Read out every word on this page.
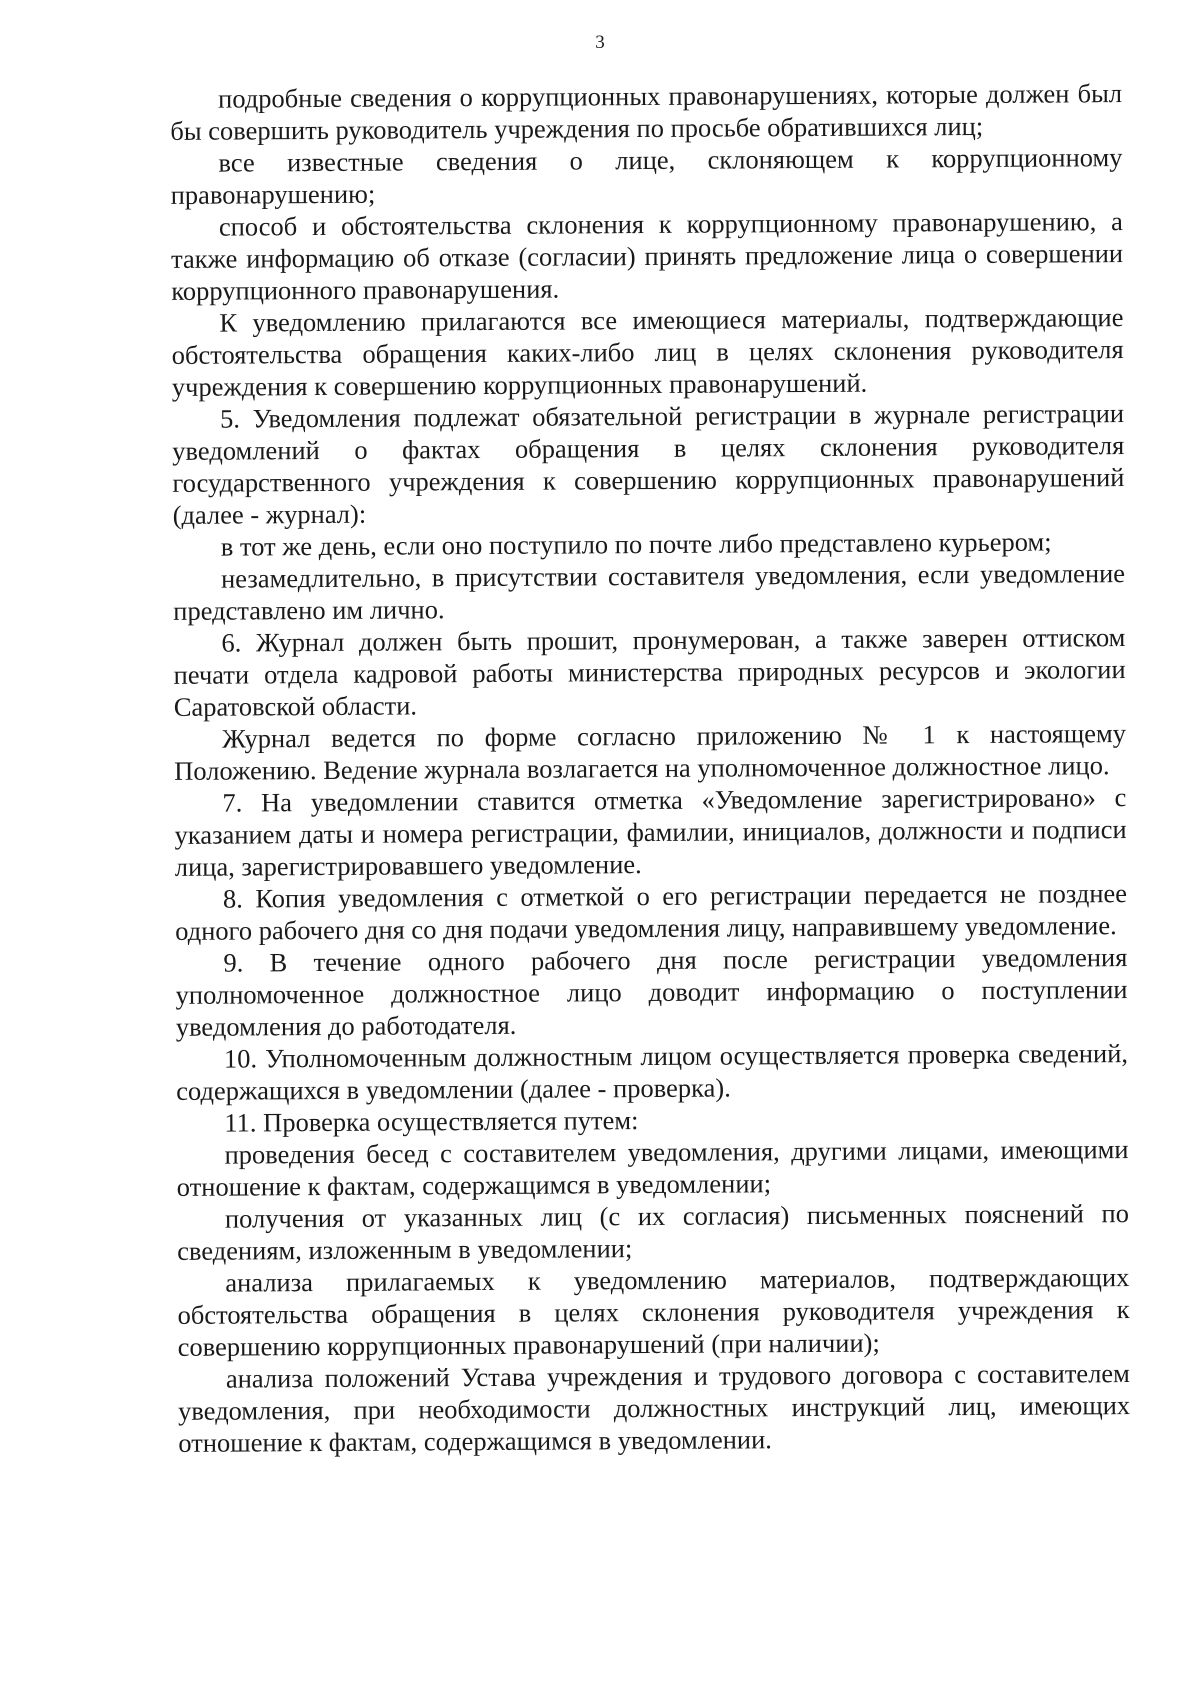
3

подробные сведения о коррупционных правонарушениях, которые должен был бы совершить руководитель учреждения по просьбе обратившихся лиц;

все известные сведения о лице, склоняющем к коррупционному правонарушению;

способ и обстоятельства склонения к коррупционному правонарушению, а также информацию об отказе (согласии) принять предложение лица о совершении коррупционного правонарушения.

К уведомлению прилагаются все имеющиеся материалы, подтверждающие обстоятельства обращения каких-либо лиц в целях склонения руководителя учреждения к совершению коррупционных правонарушений.

5. Уведомления подлежат обязательной регистрации в журнале регистрации уведомлений о фактах обращения в целях склонения руководителя государственного учреждения к совершению коррупционных правонарушений (далее - журнал):

в тот же день, если оно поступило по почте либо представлено курьером;

незамедлительно, в присутствии составителя уведомления, если уведомление представлено им лично.

6. Журнал должен быть прошит, пронумерован, а также заверен оттиском печати отдела кадровой работы министерства природных ресурсов и экологии Саратовской области.

Журнал ведется по форме согласно приложению № 1 к настоящему Положению. Ведение журнала возлагается на уполномоченное должностное лицо.

7. На уведомлении ставится отметка «Уведомление зарегистрировано» с указанием даты и номера регистрации, фамилии, инициалов, должности и подписи лица, зарегистрировавшего уведомление.

8. Копия уведомления с отметкой о его регистрации передается не позднее одного рабочего дня со дня подачи уведомления лицу, направившему уведомление.

9. В течение одного рабочего дня после регистрации уведомления уполномоченное должностное лицо доводит информацию о поступлении уведомления до работодателя.

10. Уполномоченным должностным лицом осуществляется проверка сведений, содержащихся в уведомлении (далее - проверка).

11. Проверка осуществляется путем:

проведения бесед с составителем уведомления, другими лицами, имеющими отношение к фактам, содержащимся в уведомлении;

получения от указанных лиц (с их согласия) письменных пояснений по сведениям, изложенным в уведомлении;

анализа прилагаемых к уведомлению материалов, подтверждающих обстоятельства обращения в целях склонения руководителя учреждения к совершению коррупционных правонарушений (при наличии);

анализа положений Устава учреждения и трудового договора с составителем уведомления, при необходимости должностных инструкций лиц, имеющих отношение к фактам, содержащимся в уведомлении.
